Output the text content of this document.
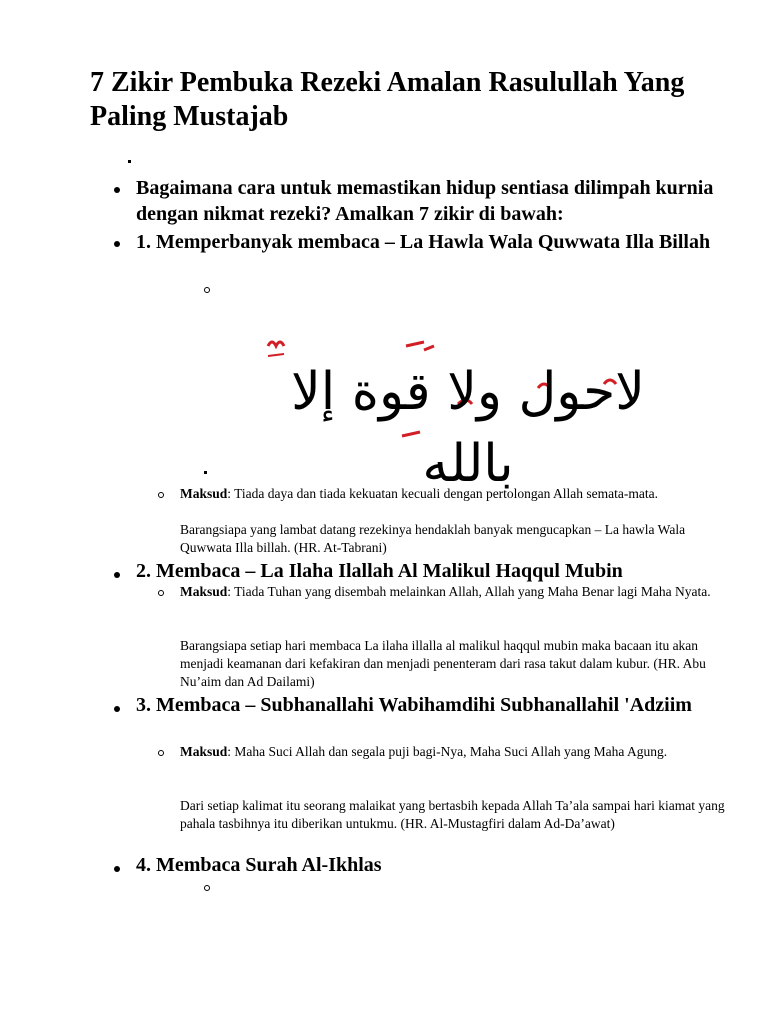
7 Zikir Pembuka Rezeki Amalan Rasulullah Yang Paling Mustajab
Bagaimana cara untuk memastikan hidup sentiasa dilimpah kurnia dengan nikmat rezeki? Amalkan 7 zikir di bawah:
1. Memperbanyak membaca – La Hawla Wala Quwwata Illa Billah
لاحول ولا قوة إلا بالله
Maksud: Tiada daya dan tiada kekuatan kecuali dengan pertolongan Allah semata-mata.
Barangsiapa yang lambat datang rezekinya hendaklah banyak mengucapkan – La hawla Wala Quwwata Illa billah. (HR. At-Tabrani)
2. Membaca – La Ilaha Ilallah Al Malikul Haqqul Mubin
Maksud: Tiada Tuhan yang disembah melainkan Allah, Allah yang Maha Benar lagi Maha Nyata.
Barangsiapa setiap hari membaca La ilaha illalla al malikul haqqul mubin maka bacaan itu akan menjadi keamanan dari kefakiran dan menjadi penenteram dari rasa takut dalam kubur. (HR. Abu Nu’aim dan Ad Dailami)
3. Membaca – Subhanallahi Wabihamdihi Subhanallahil 'Adziim
Maksud: Maha Suci Allah dan segala puji bagi-Nya, Maha Suci Allah yang Maha Agung.
Dari setiap kalimat itu seorang malaikat yang bertasbih kepada Allah Ta’ala sampai hari kiamat yang pahala tasbihnya itu diberikan untukmu. (HR. Al-Mustagfiri dalam Ad-Da’awat)
4. Membaca Surah Al-Ikhlas
